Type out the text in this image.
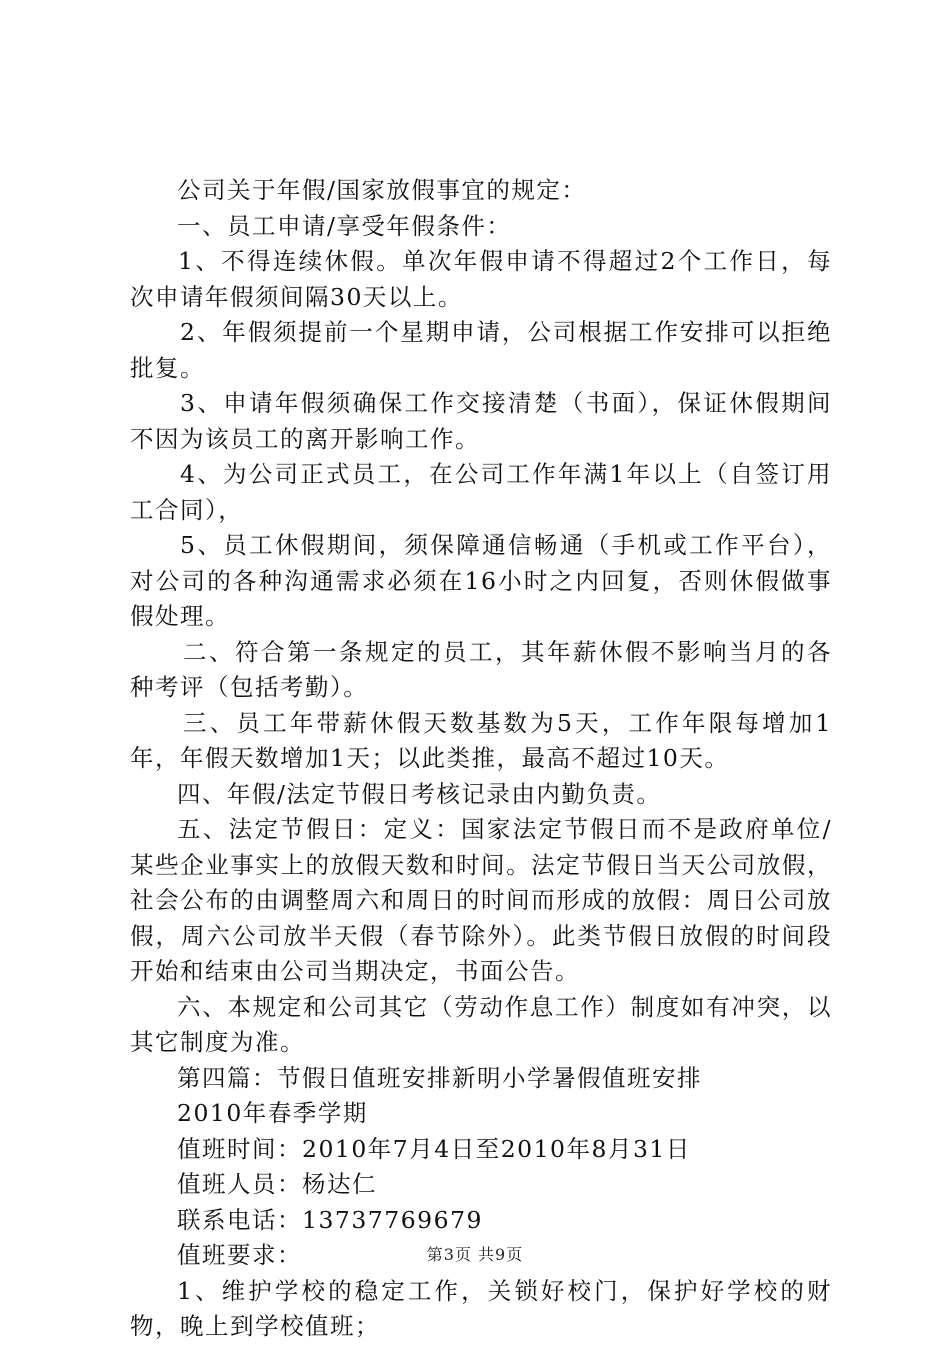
公司关于年假/国家放假事宜的规定：

一、员工申请/享受年假条件：

1、不得连续休假。单次年假申请不得超过2个工作日，每次申请年假须间隔30天以上。

2、年假须提前一个星期申请，公司根据工作安排可以拒绝批复。

3、申请年假须确保工作交接清楚（书面），保证休假期间不因为该员工的离开影响工作。

4、为公司正式员工，在公司工作年满1年以上（自签订用工合同），

5、员工休假期间，须保障通信畅通（手机或工作平台），对公司的各种沟通需求必须在16小时之内回复，否则休假做事假处理。

二、符合第一条规定的员工，其年薪休假不影响当月的各种考评（包括考勤）。

三、员工年带薪休假天数基数为5天，工作年限每增加1年，年假天数增加1天；以此类推，最高不超过10天。

四、年假/法定节假日考核记录由内勤负责。

五、法定节假日：定义：国家法定节假日而不是政府单位/某些企业事实上的放假天数和时间。法定节假日当天公司放假，社会公布的由调整周六和周日的时间而形成的放假：周日公司放假，周六公司放半天假（春节除外）。此类节假日放假的时间段开始和结束由公司当期决定，书面公告。

六、本规定和公司其它（劳动作息工作）制度如有冲突，以其它制度为准。

第四篇：节假日值班安排新明小学暑假值班安排

2010年春季学期

值班时间：2010年7月4日至2010年8月31日

值班人员：杨达仁

联系电话：13737769679

值班要求：

1、维护学校的稳定工作，关锁好校门，保护好学校的财物，晚上到学校值班；

第3页 共9页
